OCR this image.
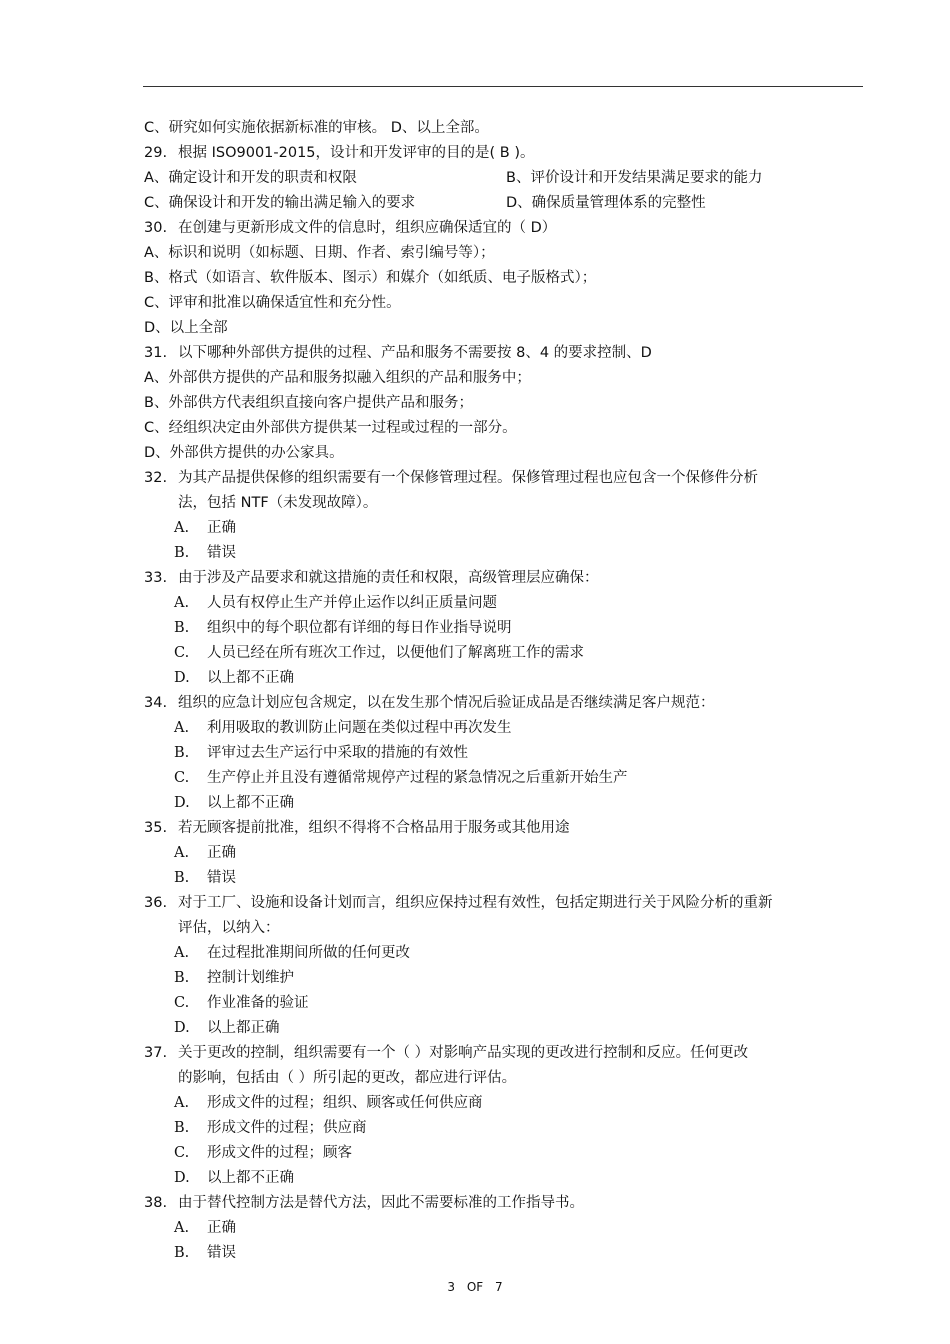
C、研究如何实施依据新标准的审核。 D、以上全部。
29. 根据 ISO9001-2015，设计和开发评审的目的是( B )。
A、确定设计和开发的职责和权限	B、评价设计和开发结果满足要求的能力
C、确保设计和开发的输出满足输入的要求	D、确保质量管理体系的完整性
30. 在创建与更新形成文件的信息时，组织应确保适宜的（ D）
A、标识和说明（如标题、日期、作者、索引编号等）；
B、格式（如语言、软件版本、图示）和媒介（如纸质、电子版格式）；
C、评审和批准以确保适宜性和充分性。
D、以上全部
31. 以下哪种外部供方提供的过程、产品和服务不需要按 8、4 的要求控制、D
A、外部供方提供的产品和服务拟融入组织的产品和服务中；
B、外部供方代表组织直接向客户提供产品和服务；
C、经组织决定由外部供方提供某一过程或过程的一部分。
D、外部供方提供的办公家具。
32. 为其产品提供保修的组织需要有一个保修管理过程。保修管理过程也应包含一个保修件分析
法，包括 NTF（未发现故障）。
A. 正确
B. 错误
33. 由于涉及产品要求和就这措施的责任和权限，高级管理层应确保：
A. 人员有权停止生产并停止运作以纠正质量问题
B. 组织中的每个职位都有详细的每日作业指导说明
C. 人员已经在所有班次工作过，以便他们了解离班工作的需求
D. 以上都不正确
34. 组织的应急计划应包含规定，以在发生那个情况后验证成品是否继续满足客户规范：
A. 利用吸取的教训防止问题在类似过程中再次发生
B. 评审过去生产运行中采取的措施的有效性
C. 生产停止并且没有遵循常规停产过程的紧急情况之后重新开始生产
D. 以上都不正确
35. 若无顾客提前批准，组织不得将不合格品用于服务或其他用途
A. 正确
B. 错误
36. 对于工厂、设施和设备计划而言，组织应保持过程有效性，包括定期进行关于风险分析的重新
评估，以纳入：
A. 在过程批准期间所做的任何更改
B. 控制计划维护
C. 作业准备的验证
D. 以上都正确
37. 关于更改的控制，组织需要有一个（ ）对影响产品实现的更改进行控制和反应。任何更改
的影响，包括由（ ）所引起的更改，都应进行评估。
A. 形成文件的过程；组织、顾客或任何供应商
B. 形成文件的过程；供应商
C. 形成文件的过程；顾客
D. 以上都不正确
38. 由于替代控制方法是替代方法，因此不需要标准的工作指导书。
A. 正确
B. 错误
3 OF 7
